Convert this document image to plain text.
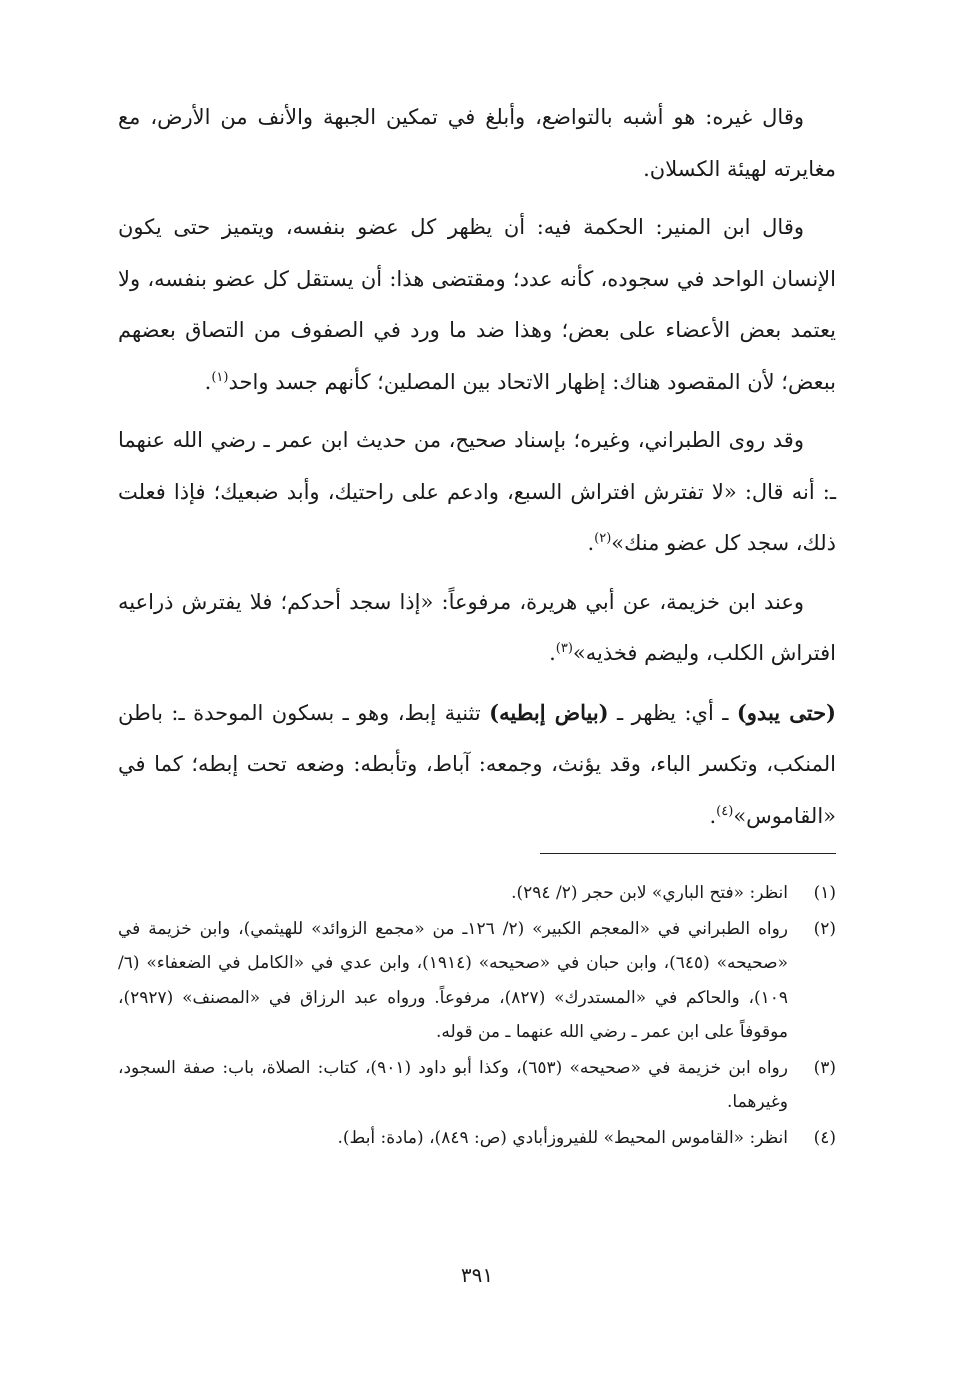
وقال غيره: هو أشبه بالتواضع، وأبلغ في تمكين الجبهة والأنف من الأرض، مع مغايرته لهيئة الكسلان.

وقال ابن المنير: الحكمة فيه: أن يظهر كل عضو بنفسه، ويتميز حتى يكون الإنسان الواحد في سجوده، كأنه عدد؛ ومقتضى هذا: أن يستقل كل عضو بنفسه، ولا يعتمد بعض الأعضاء على بعض؛ وهذا ضد ما ورد في الصفوف من التصاق بعضهم ببعض؛ لأن المقصود هناك: إظهار الاتحاد بين المصلين؛ كأنهم جسد واحد$^{(١)}$.

وقد روى الطبراني، وغيره؛ بإسناد صحيح، من حديث ابن عمر ـ رضي الله عنهما ـ: أنه قال: «لا تفترش افتراش السبع، وادعم على راحتيك، وأبد ضبعيك؛ فإذا فعلت ذلك، سجد كل عضو منك»$^{(٢)}$.

وعند ابن خزيمة، عن أبي هريرة، مرفوعاً: «إذا سجد أحدكم؛ فلا يفترش ذراعيه افتراش الكلب، وليضم فخذيه»$^{(٣)}$.

(حتى يبدو) ـ أي: يظهر ـ (بياض إبطيه) تثنية إبط، وهو ـ بسكون الموحدة ـ: باطن المنكب، وتكسر الباء، وقد يؤنث، وجمعه: آباط، وتأبطه: وضعه تحت إبطه؛ كما في «القاموس»$^{(٤)}$.

(١)
انظر: «فتح الباري» لابن حجر (٢/ ٢٩٤).
(٢)
رواه الطبراني في «المعجم الكبير» (٢/ ١٢٦ـ من «مجمع الزوائد» للهيثمي)، وابن خزيمة في «صحيحه» (٦٤٥)، وابن حبان في «صحيحه» (١٩١٤)، وابن عدي في «الكامل في الضعفاء» (٦/ ١٠٩)، والحاكم في «المستدرك» (٨٢٧)، مرفوعاً. ورواه عبد الرزاق في «المصنف» (٢٩٢٧)، موقوفاً على ابن عمر ـ رضي الله عنهما ـ من قوله.
(٣)
رواه ابن خزيمة في «صحيحه» (٦٥٣)، وكذا أبو داود (٩٠١)، كتاب: الصلاة، باب: صفة السجود، وغيرهما.
(٤)
انظر: «القاموس المحيط» للفيروزأبادي (ص: ٨٤٩)، (مادة: أبط).
٣٩١
